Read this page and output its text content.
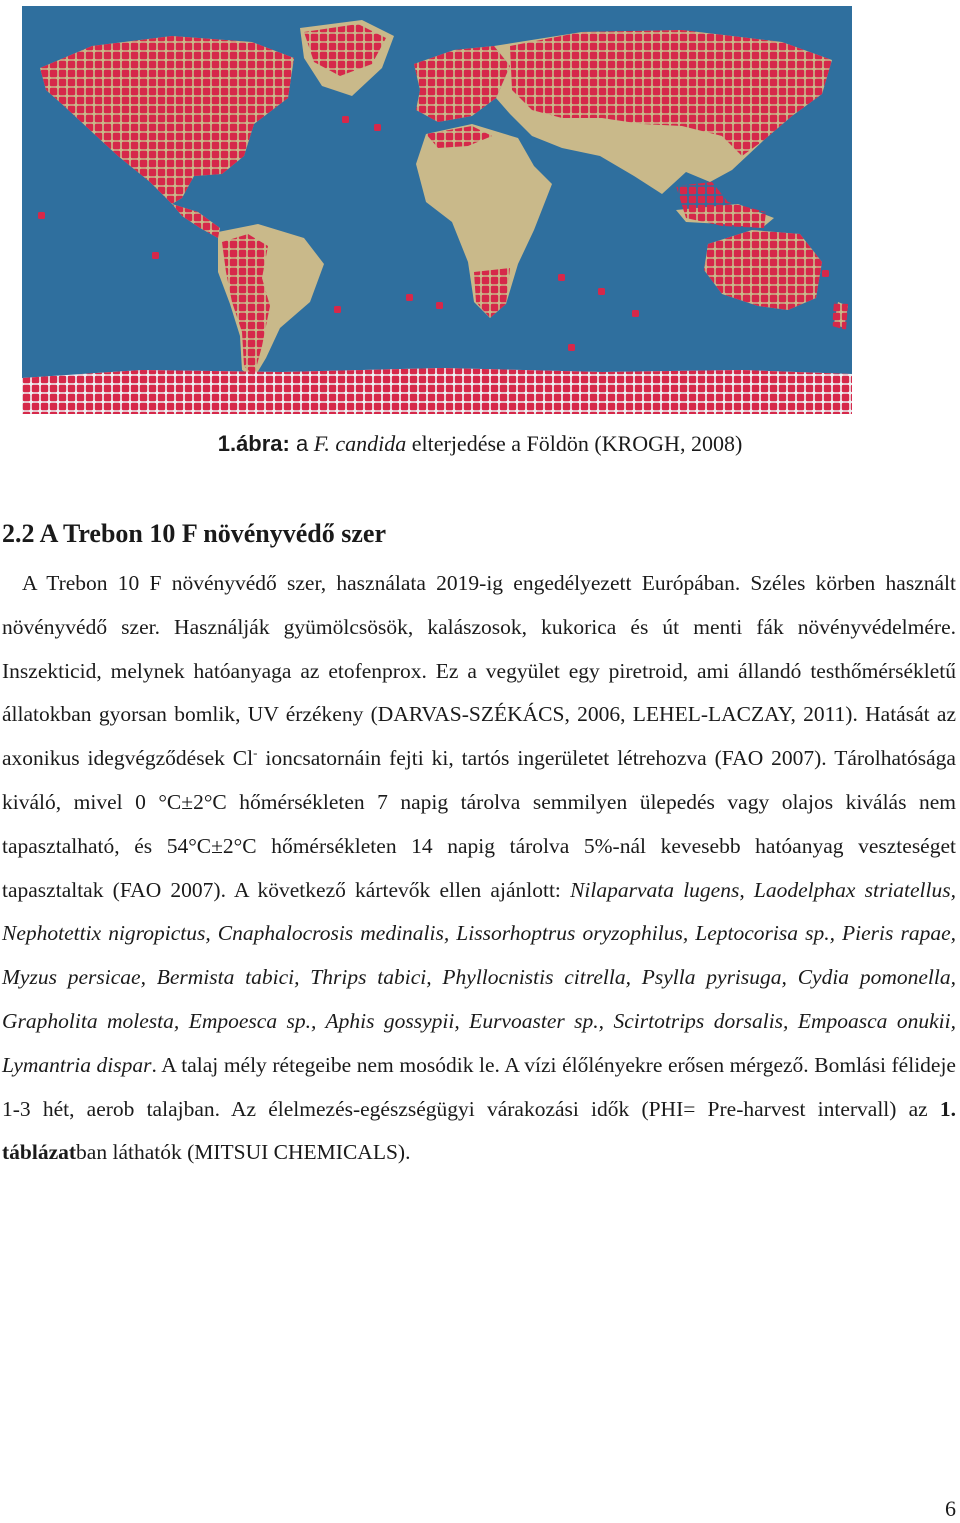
1.ábra: a F. candida elterjedése a Földön (KROGH, 2008)
2.2 A Trebon 10 F növényvédő szer

A Trebon 10 F növényvédő szer, használata 2019-ig engedélyezett Európában. Széles körben használt növényvédő szer. Használják gyümölcsösök, kalászosok, kukorica és út menti fák növényvédelmére. Inszekticid, melynek hatóanyaga az etofenprox. Ez a vegyület egy piretroid, ami állandó testhőmérsékletű állatokban gyorsan bomlik, UV érzékeny (DARVAS-SZÉKÁCS, 2006, LEHEL-LACZAY, 2011). Hatását az axonikus idegvégződések Cl- ioncsatornáin fejti ki, tartós ingerületet létrehozva (FAO 2007). Tárolhatósága kiváló, mivel 0 °C±2°C hőmérsékleten 7 napig tárolva semmilyen ülepedés vagy olajos kiválás nem tapasztalható, és 54°C±2°C hőmérsékleten 14 napig tárolva 5%-nál kevesebb hatóanyag veszteséget tapasztaltak (FAO 2007). A következő kártevők ellen ajánlott: Nilaparvata lugens, Laodelphax striatellus, Nephotettix nigropictus, Cnaphalocrosis medinalis, Lissorhoptrus oryzophilus, Leptocorisa sp., Pieris rapae, Myzus persicae, Bermista tabici, Thrips tabici, Phyllocnistis citrella, Psylla pyrisuga, Cydia pomonella, Grapholita molesta, Empoesca sp., Aphis gossypii, Eurvoaster sp., Scirtotrips dorsalis, Empoasca onukii, Lymantria dispar. A talaj mély rétegeibe nem mosódik le. A vízi élőlényekre erősen mérgező. Bomlási félideje 1-3 hét, aerob talajban. Az élelmezés-egészségügyi várakozási idők (PHI= Pre-harvest intervall) az 1. táblázatban láthatók (MITSUI CHEMICALS).

6
